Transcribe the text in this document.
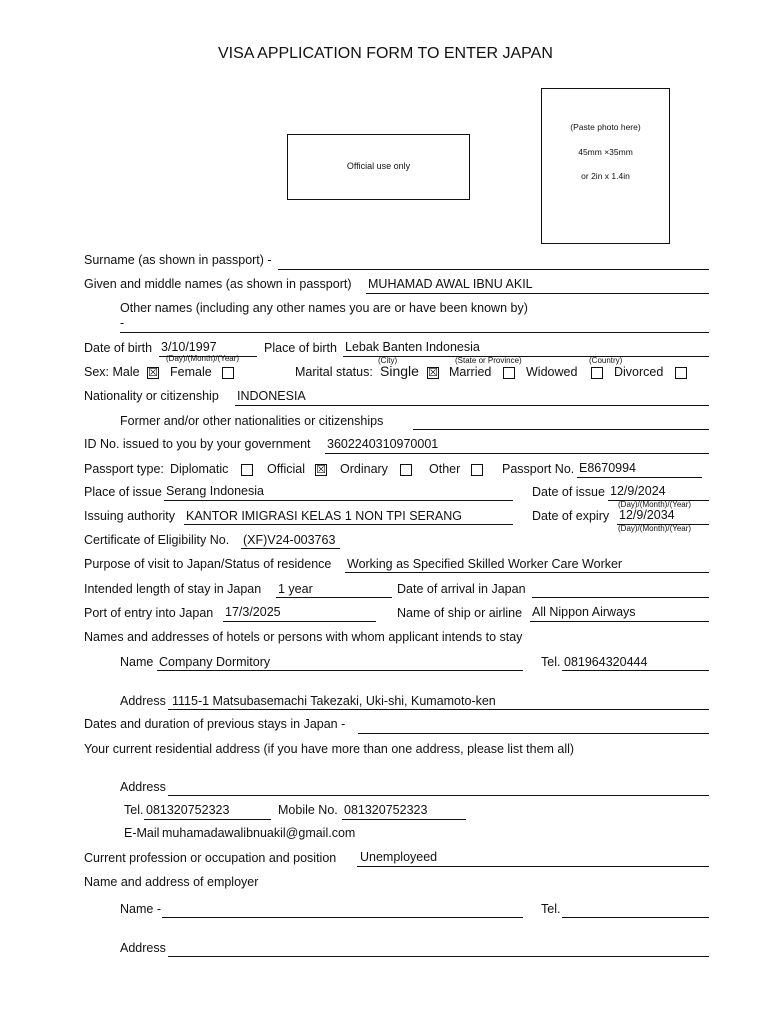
VISA APPLICATION FORM TO ENTER JAPAN
Official use only
(Paste photo here)
45mm ×35mm
or 2in x 1.4in
Surname (as shown in passport) -
Given and middle names (as shown in passport) MUHAMAD AWAL IBNU AKIL
Other names (including any other names you are or have been known by)
-
Date of birth 3/10/1997
(Day)/(Month)/(Year)
Place of birth Lebak Banten Indonesia
(City)	(State or Province)	(Country)
Sex: Male ☒ Female	Marital status: Single ☒ Married	Widowed	Divorced
Nationality or citizenship INDONESIA
Former and/or other nationalities or citizenships
ID No. issued to you by your government 3602240310970001
Passport type: Diplomatic	Official ☒ Ordinary	Other	Passport No. E8670994
Place of issue Serang Indonesia	Date of issue 12/9/2024
(Day)/(Month)/(Year)
Issuing authority KANTOR IMIGRASI KELAS 1 NON TPI SERANG	Date of expiry 12/9/2034
(Day)/(Month)/(Year)
Certificate of Eligibility No. (XF)V24-003763
Purpose of visit to Japan/Status of residence Working as Specified Skilled Worker Care Worker
Intended length of stay in Japan 1 year	Date of arrival in Japan
Port of entry into Japan 17/3/2025	Name of ship or airline All Nippon Airways
Names and addresses of hotels or persons with whom applicant intends to stay
Name Company Dormitory	Tel. 081964320444
Address 1115-1 Matsubasemachi Takezaki, Uki-shi, Kumamoto-ken
Dates and duration of previous stays in Japan -
Your current residential address (if you have more than one address, please list them all)
Address
Tel. 081320752323	Mobile No. 081320752323
E-Mail muhamadawalibnuakil@gmail.com
Current profession or occupation and position Unemployeed
Name and address of employer
Name -	Tel.
Address
